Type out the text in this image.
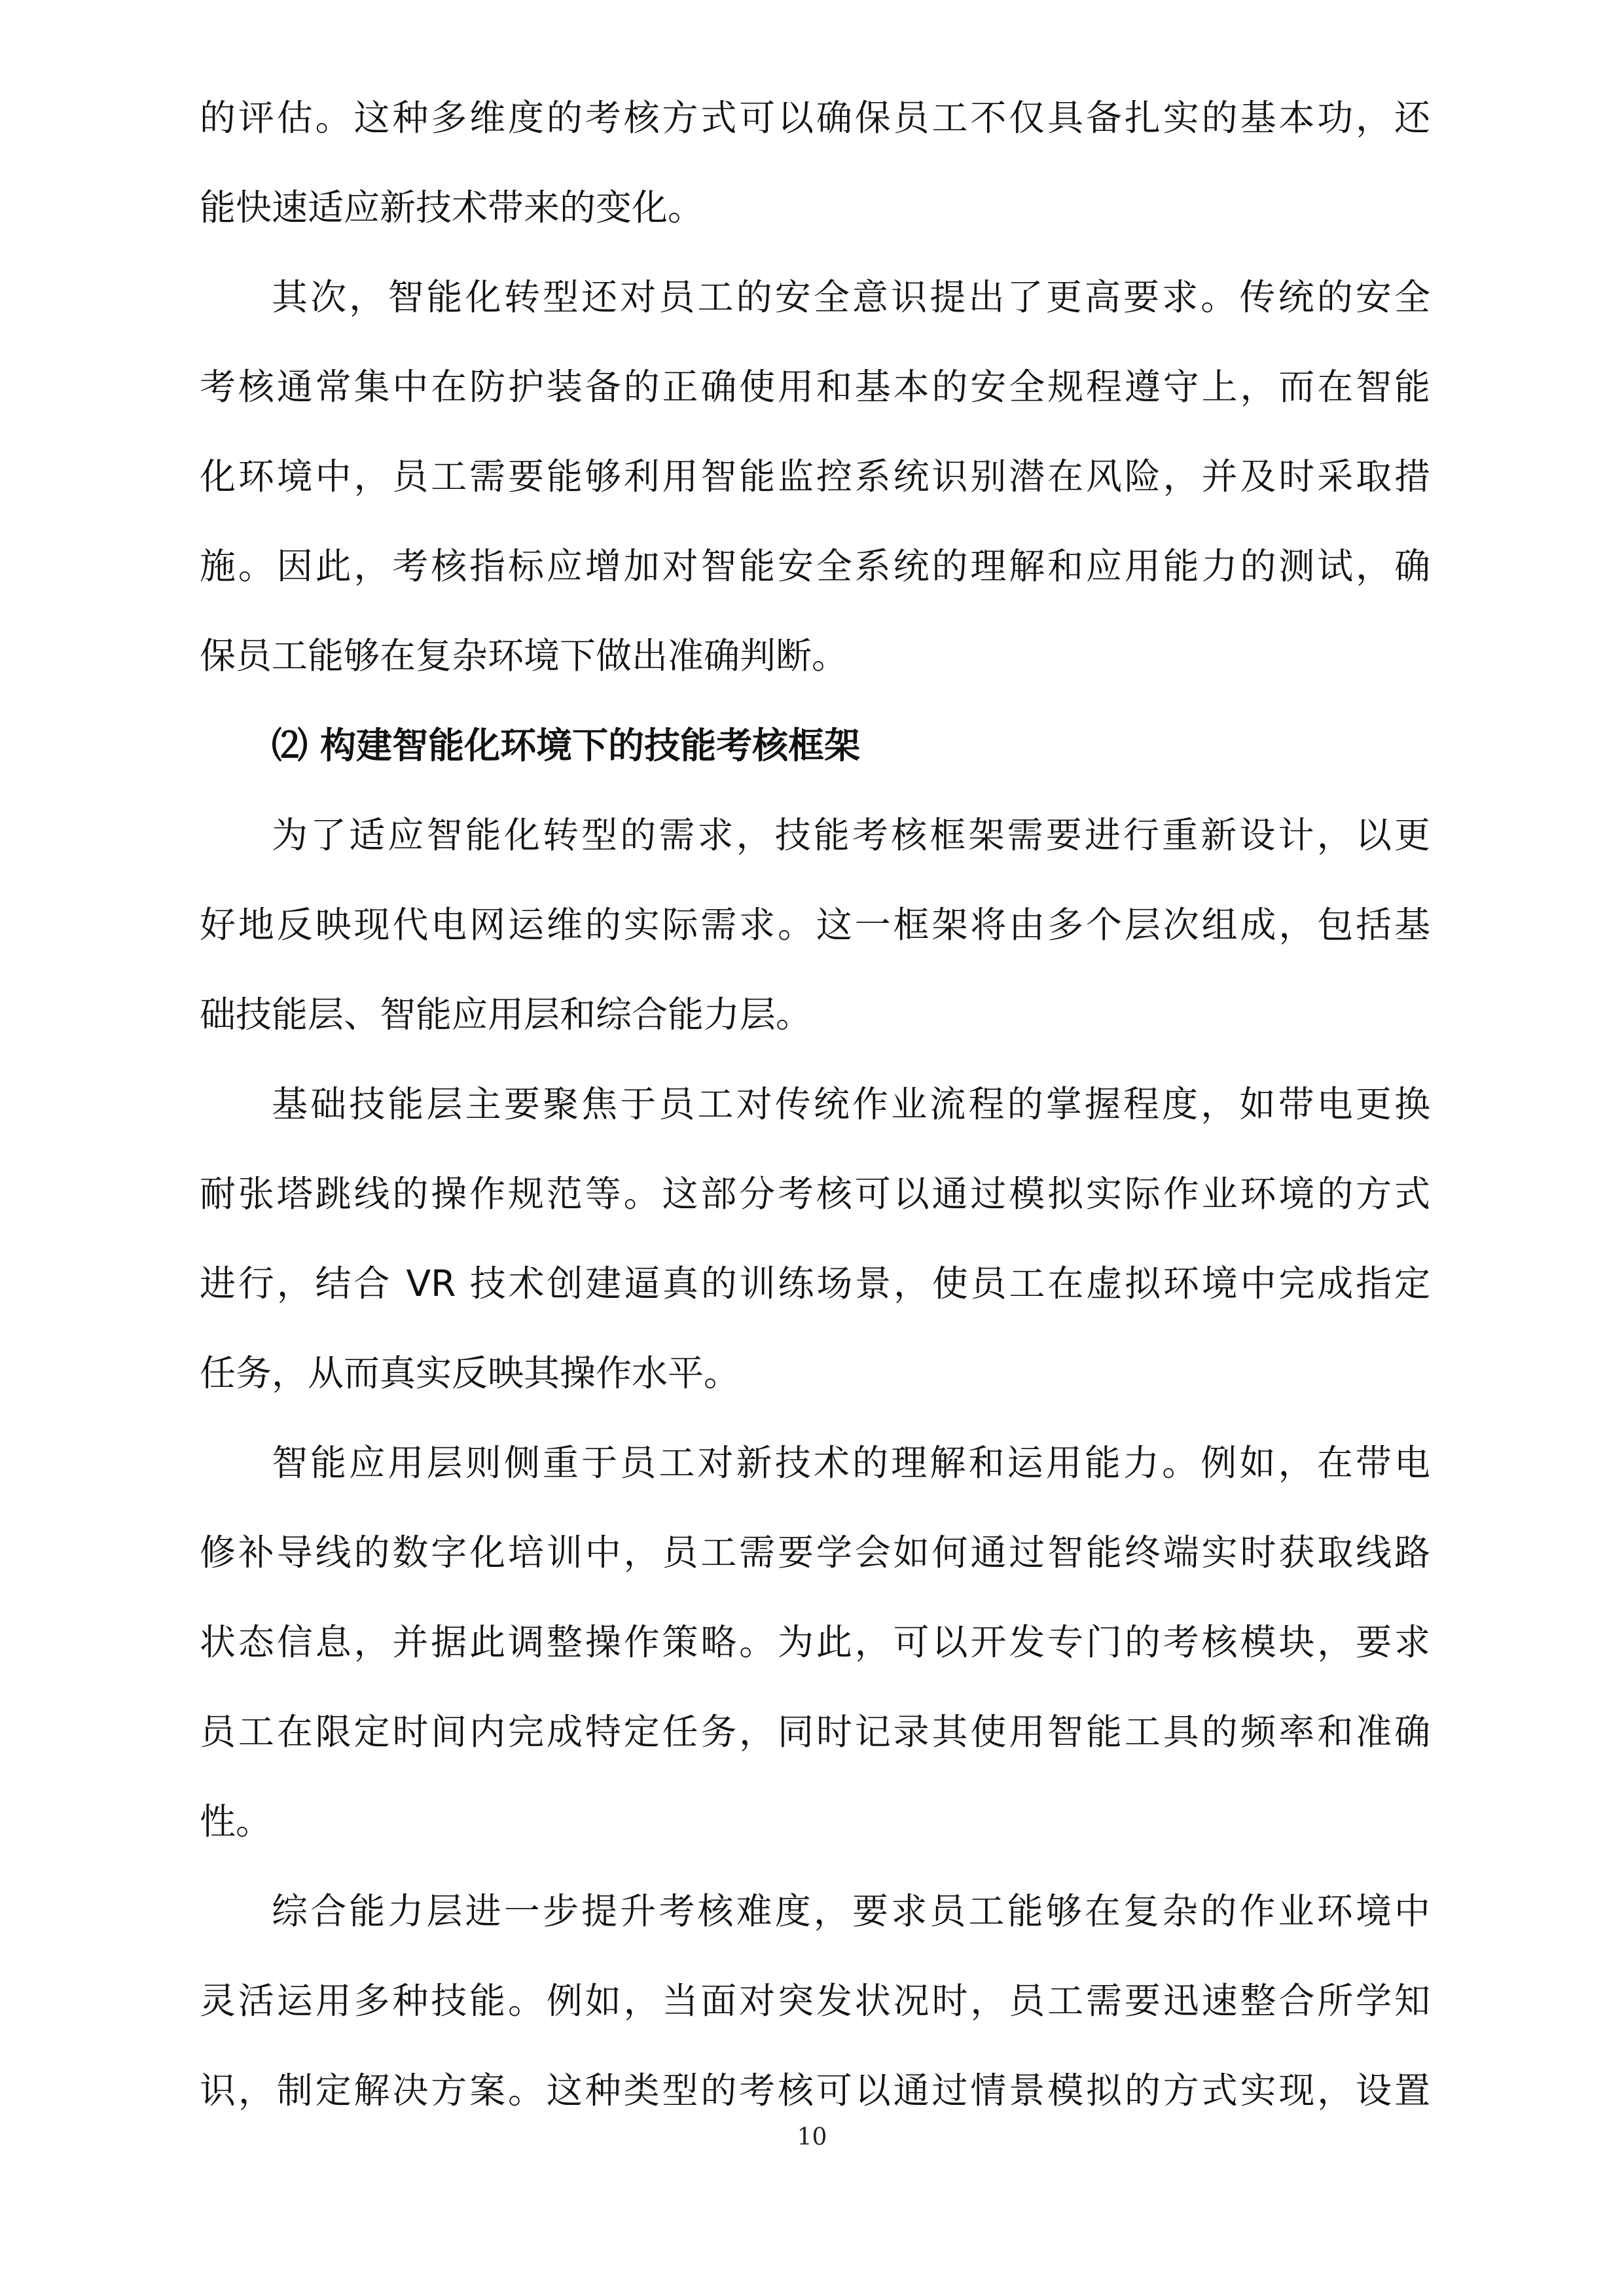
的评估。这种多维度的考核方式可以确保员工不仅具备扎实的基本功，还
能快速适应新技术带来的变化。

其次，智能化转型还对员工的安全意识提出了更高要求。传统的安全
考核通常集中在防护装备的正确使用和基本的安全规程遵守上，而在智能
化环境中，员工需要能够利用智能监控系统识别潜在风险，并及时采取措
施。因此，考核指标应增加对智能安全系统的理解和应用能力的测试，确
保员工能够在复杂环境下做出准确判断。

⑵ 构建智能化环境下的技能考核框架

为了适应智能化转型的需求，技能考核框架需要进行重新设计，以更
好地反映现代电网运维的实际需求。这一框架将由多个层次组成，包括基
础技能层、智能应用层和综合能力层。

基础技能层主要聚焦于员工对传统作业流程的掌握程度，如带电更换
耐张塔跳线的操作规范等。这部分考核可以通过模拟实际作业环境的方式
进行，结合 VR 技术创建逼真的训练场景，使员工在虚拟环境中完成指定
任务，从而真实反映其操作水平。

智能应用层则侧重于员工对新技术的理解和运用能力。例如，在带电
修补导线的数字化培训中，员工需要学会如何通过智能终端实时获取线路
状态信息，并据此调整操作策略。为此，可以开发专门的考核模块，要求
员工在限定时间内完成特定任务，同时记录其使用智能工具的频率和准确
性。

综合能力层进一步提升考核难度，要求员工能够在复杂的作业环境中
灵活运用多种技能。例如，当面对突发状况时，员工需要迅速整合所学知
识，制定解决方案。这种类型的考核可以通过情景模拟的方式实现，设置

10
